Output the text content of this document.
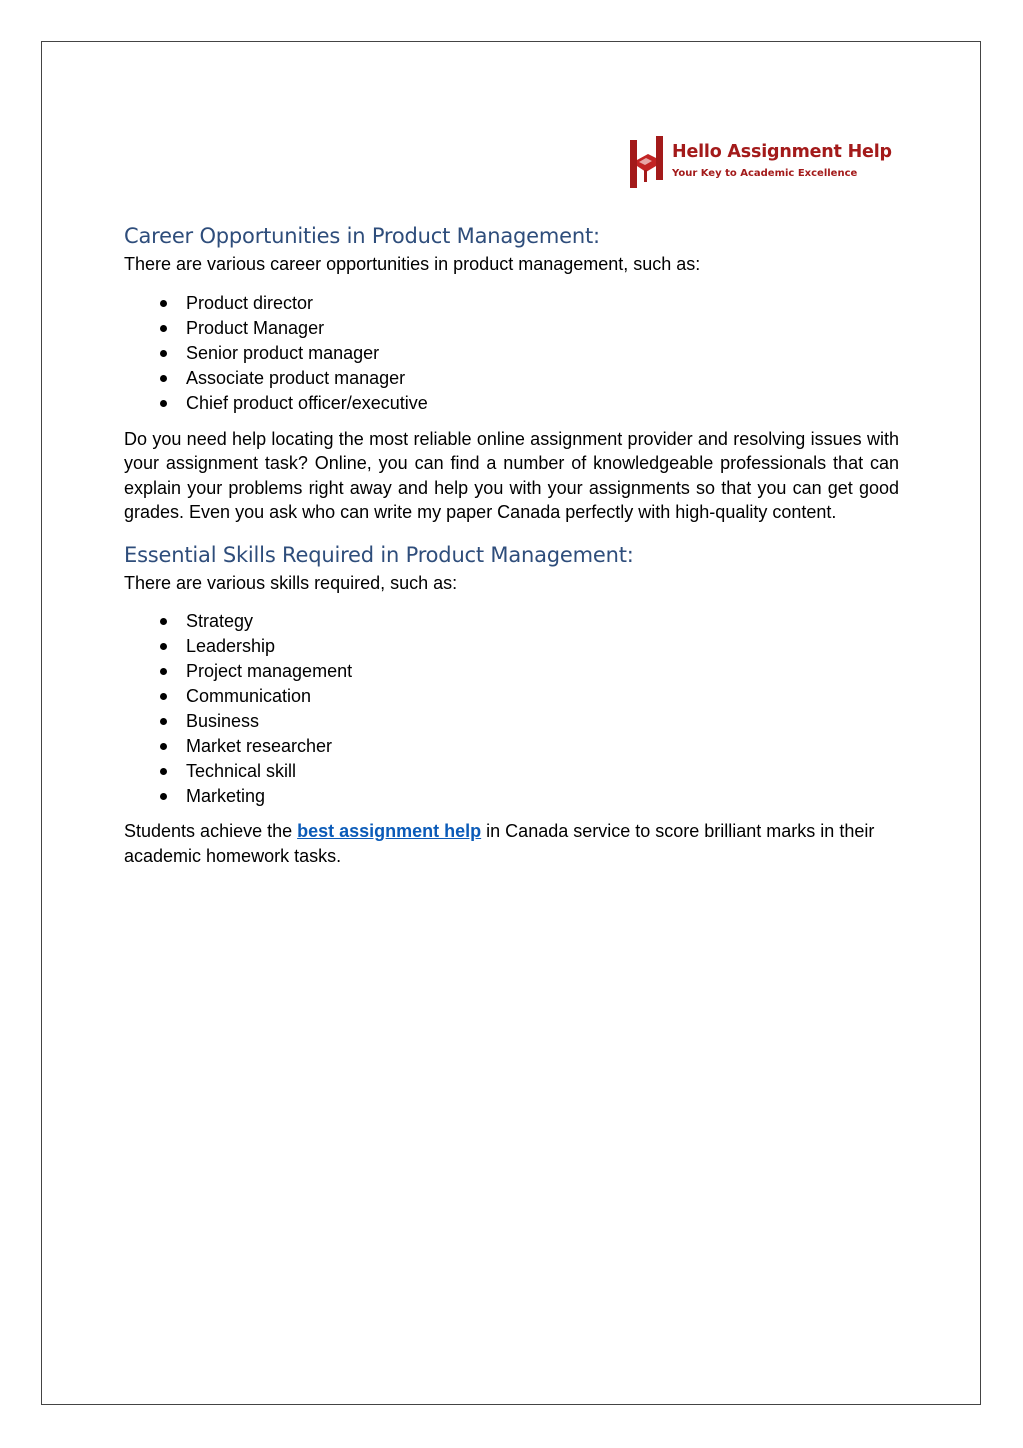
Hello Assignment Help
Your Key to Academic Excellence
Career Opportunities in Product Management:

There are various career opportunities in product management, such as:

Product director
Product Manager
Senior product manager
Associate product manager
Chief product officer/executive

Do you need help locating the most reliable online assignment provider and resolving issues with your assignment task? Online, you can find a number of knowledgeable professionals that can explain your problems right away and help you with your assignments so that you can get good grades. Even you ask who can write my paper Canada perfectly with high-quality content.

Essential Skills Required in Product Management:

There are various skills required, such as:

Strategy
Leadership
Project management
Communication
Business
Market researcher
Technical skill
Marketing

Students achieve the best assignment help in Canada service to score brilliant marks in their academic homework tasks.
